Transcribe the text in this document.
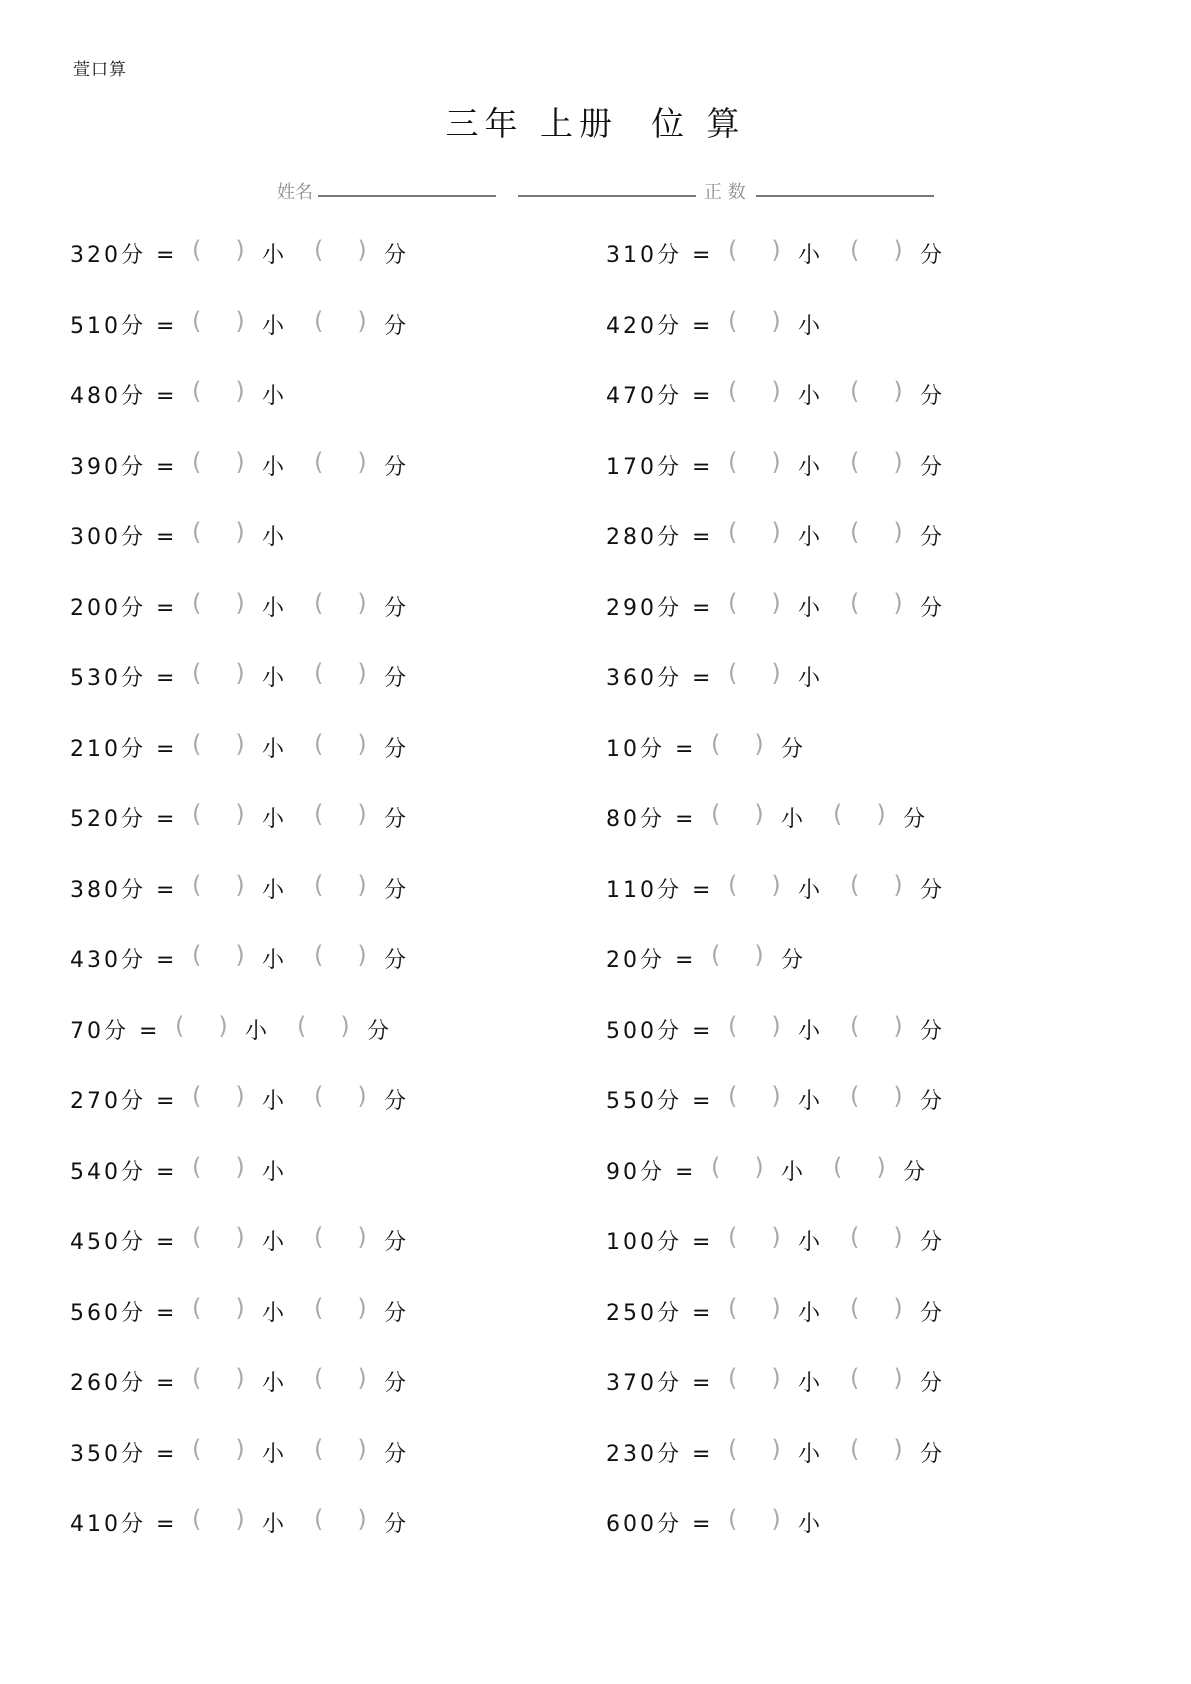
萱口算
三年 上册  位 算
姓名	正 数
320分 = ( ) 小 ( ) 分
510分 = ( ) 小 ( ) 分
480分 = ( ) 小
390分 = ( ) 小 ( ) 分
300分 = ( ) 小
200分 = ( ) 小 ( ) 分
530分 = ( ) 小 ( ) 分
210分 = ( ) 小 ( ) 分
520分 = ( ) 小 ( ) 分
380分 = ( ) 小 ( ) 分
430分 = ( ) 小 ( ) 分
70分 = ( ) 小 ( ) 分
270分 = ( ) 小 ( ) 分
540分 = ( ) 小
450分 = ( ) 小 ( ) 分
560分 = ( ) 小 ( ) 分
260分 = ( ) 小 ( ) 分
350分 = ( ) 小 ( ) 分
410分 = ( ) 小 ( ) 分
310分 = ( ) 小 ( ) 分
420分 = ( ) 小
470分 = ( ) 小 ( ) 分
170分 = ( ) 小 ( ) 分
280分 = ( ) 小 ( ) 分
290分 = ( ) 小 ( ) 分
360分 = ( ) 小
10分 = ( ) 分
80分 = ( ) 小 ( ) 分
110分 = ( ) 小 ( ) 分
20分 = ( ) 分
500分 = ( ) 小 ( ) 分
550分 = ( ) 小 ( ) 分
90分 = ( ) 小 ( ) 分
100分 = ( ) 小 ( ) 分
250分 = ( ) 小 ( ) 分
370分 = ( ) 小 ( ) 分
230分 = ( ) 小 ( ) 分
600分 = ( ) 小
